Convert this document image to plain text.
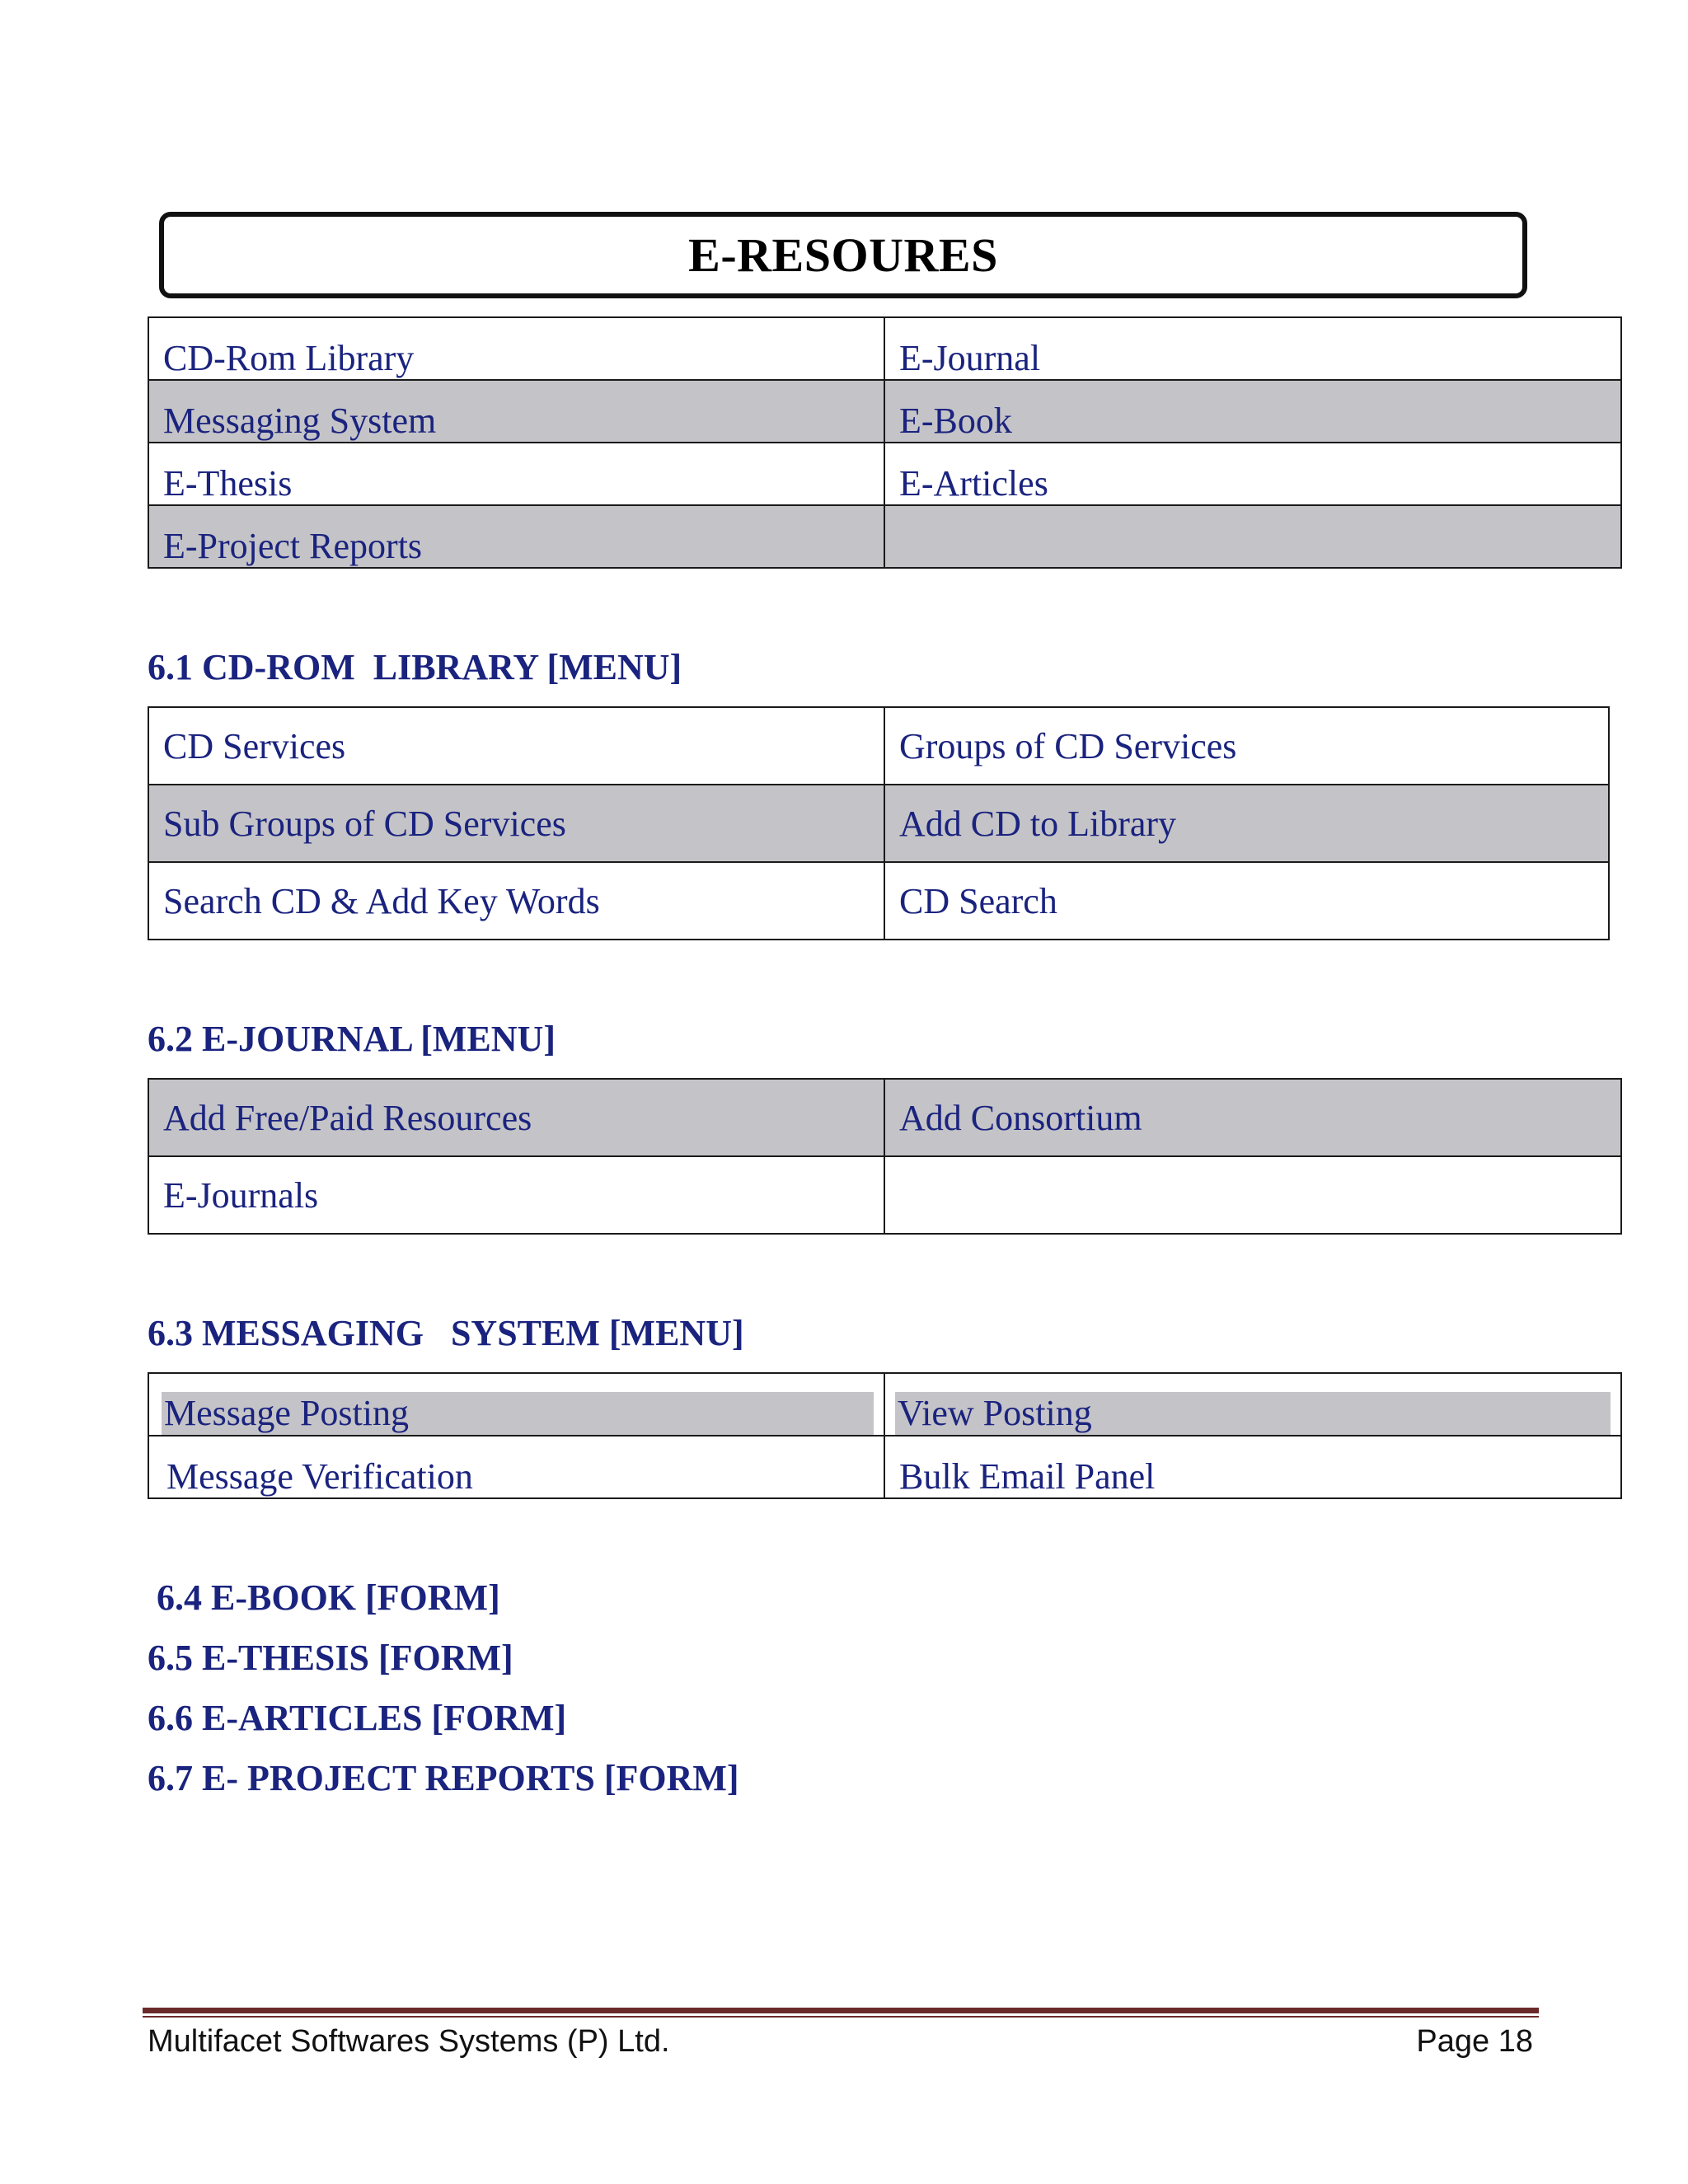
E-RESOURES
CD-Rom Library	E-Journal
Messaging System	E-Book
E-Thesis	E-Articles
E-Project Reports	
6.1 CD-ROM  LIBRARY [MENU]
CD Services	Groups of CD Services
Sub Groups of CD Services	Add CD to Library
Search CD & Add Key Words	CD Search
6.2 E-JOURNAL [MENU]
Add Free/Paid Resources	Add Consortium
E-Journals	
6.3 MESSAGING   SYSTEM [MENU]
Message Posting	View Posting

Message Verification	Bulk Email Panel
6.4 E-BOOK [FORM]
6.5 E-THESIS [FORM]
6.6 E-ARTICLES [FORM]
6.7 E- PROJECT REPORTS [FORM]
Multifacet Softwares Systems (P) Ltd.	Page 18
